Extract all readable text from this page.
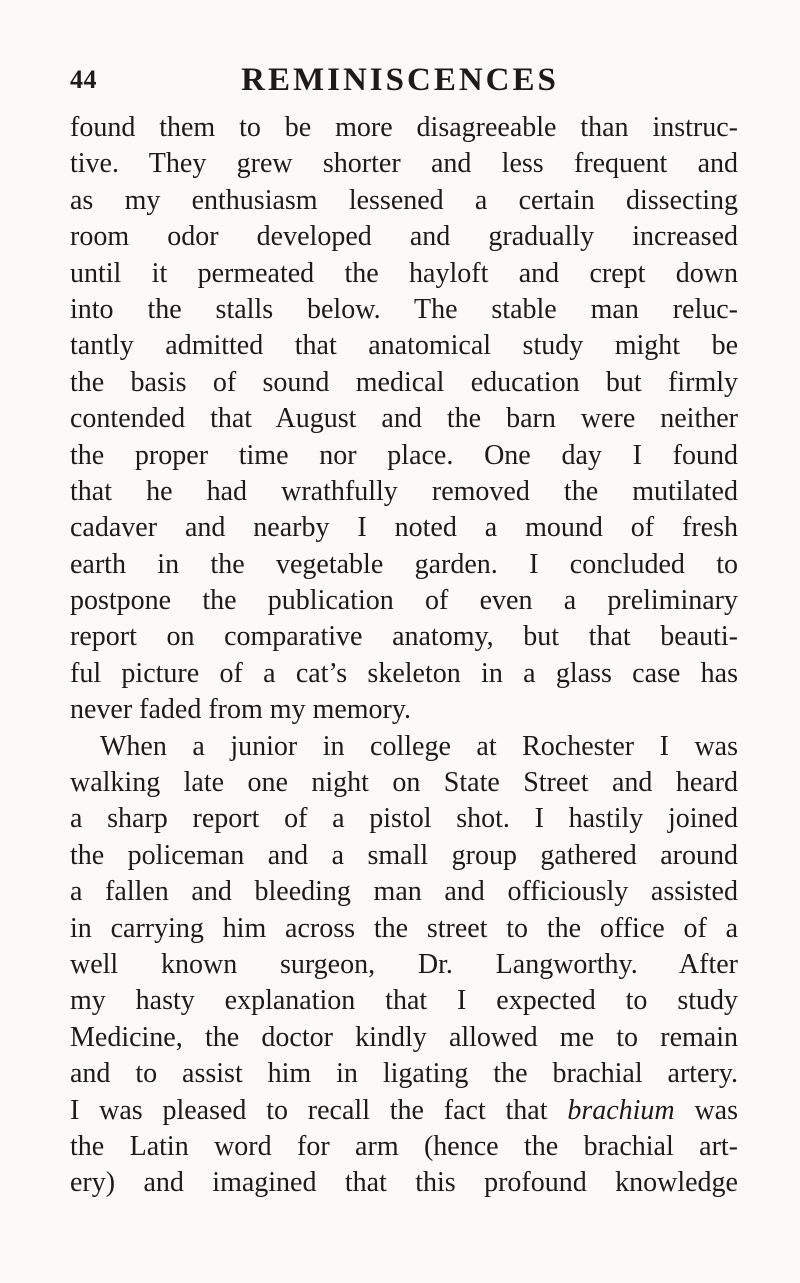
44	REMINISCENCES
found them to be more disagreeable than instruc-
tive. They grew shorter and less frequent and
as my enthusiasm lessened a certain dissecting
room odor developed and gradually increased
until it permeated the hayloft and crept down
into the stalls below. The stable man reluc-
tantly admitted that anatomical study might be
the basis of sound medical education but firmly
contended that August and the barn were neither
the proper time nor place. One day I found
that he had wrathfully removed the mutilated
cadaver and nearby I noted a mound of fresh
earth in the vegetable garden. I concluded to
postpone the publication of even a preliminary
report on comparative anatomy, but that beauti-
ful picture of a cat’s skeleton in a glass case has
never faded from my memory.
When a junior in college at Rochester I was
walking late one night on State Street and heard
a sharp report of a pistol shot. I hastily joined
the policeman and a small group gathered around
a fallen and bleeding man and officiously assisted
in carrying him across the street to the office of a
well known surgeon, Dr. Langworthy. After
my hasty explanation that I expected to study
Medicine, the doctor kindly allowed me to remain
and to assist him in ligating the brachial artery.
I was pleased to recall the fact that brachium was
the Latin word for arm (hence the brachial art-
ery) and imagined that this profound knowledge
